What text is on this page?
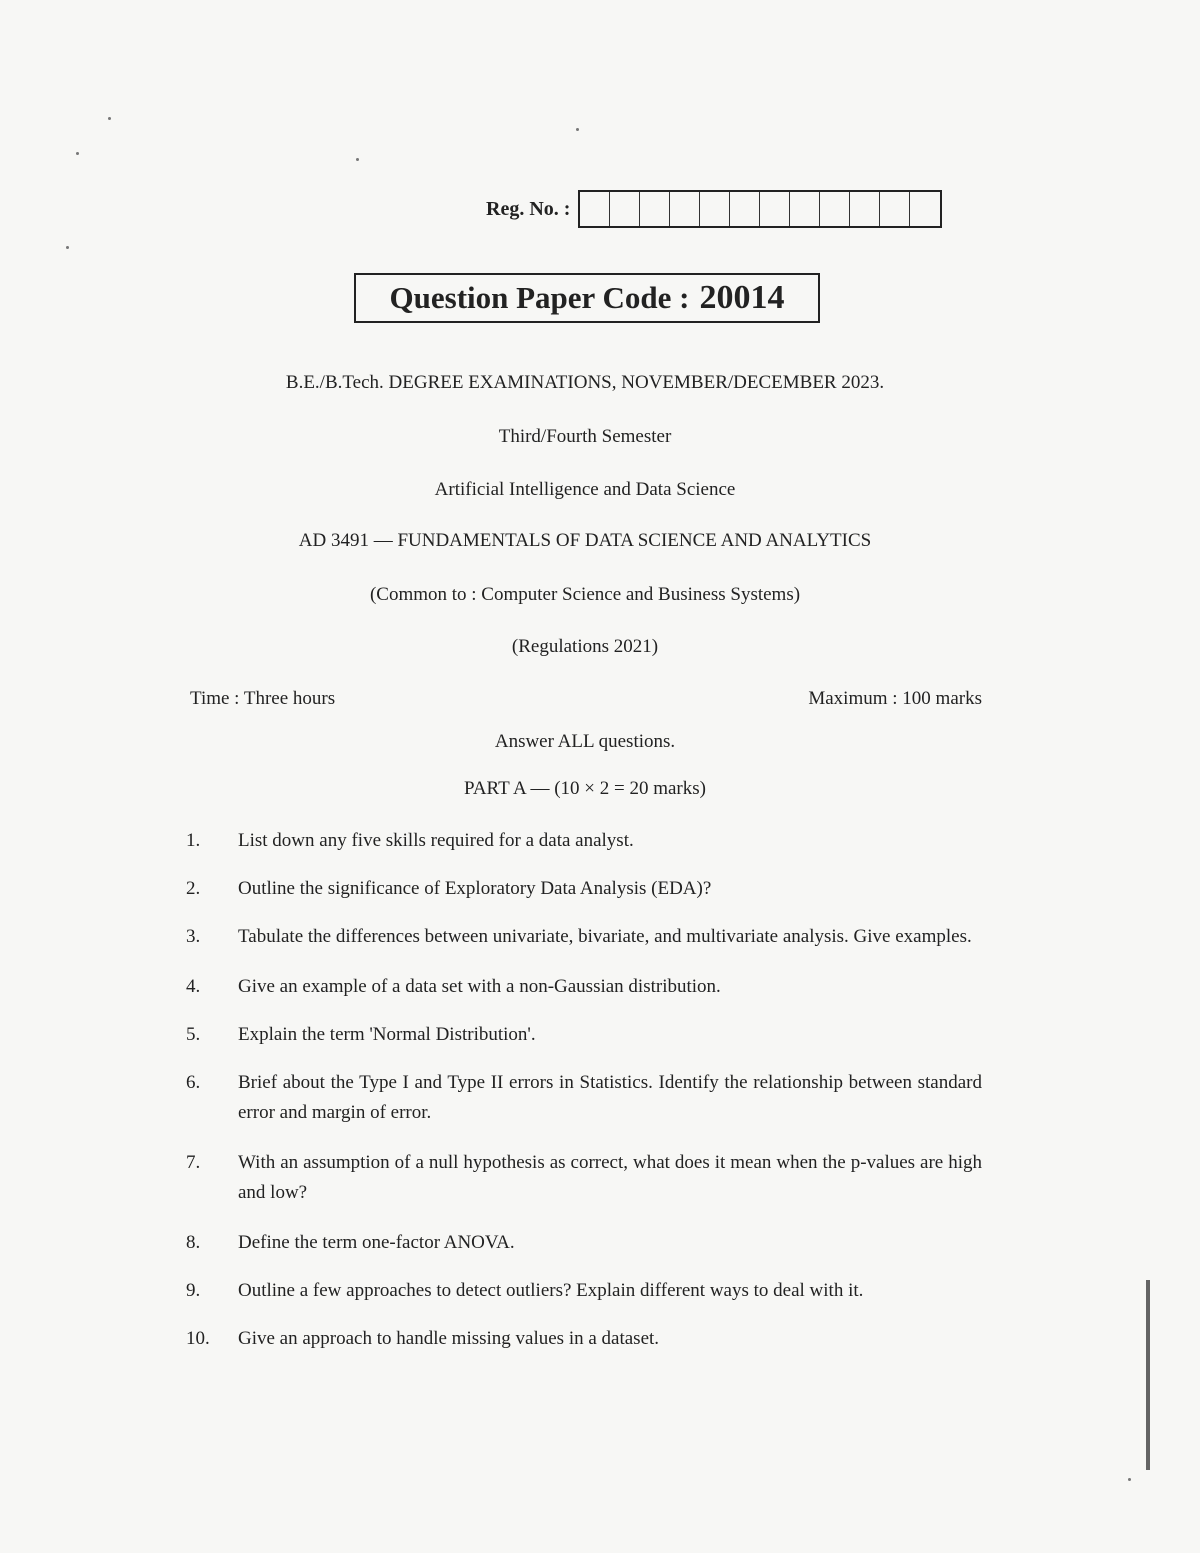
Reg. No. :
Question Paper Code : 20014
B.E./B.Tech. DEGREE EXAMINATIONS, NOVEMBER/DECEMBER 2023.
Third/Fourth Semester
Artificial Intelligence and Data Science
AD 3491 — FUNDAMENTALS OF DATA SCIENCE AND ANALYTICS
(Common to : Computer Science and Business Systems)
(Regulations 2021)
Time : Three hours	Maximum : 100 marks
Answer ALL questions.
PART A — (10 × 2 = 20 marks)
1.	List down any five skills required for a data analyst.
2.	Outline the significance of Exploratory Data Analysis (EDA)?
3.	Tabulate the differences between univariate, bivariate, and multivariate analysis. Give examples.
4.	Give an example of a data set with a non-Gaussian distribution.
5.	Explain the term 'Normal Distribution'.
6.	Brief about the Type I and Type II errors in Statistics. Identify the relationship between standard error and margin of error.
7.	With an assumption of a null hypothesis as correct, what does it mean when the p-values are high and low?
8.	Define the term one-factor ANOVA.
9.	Outline a few approaches to detect outliers? Explain different ways to deal with it.
10.	Give an approach to handle missing values in a dataset.
